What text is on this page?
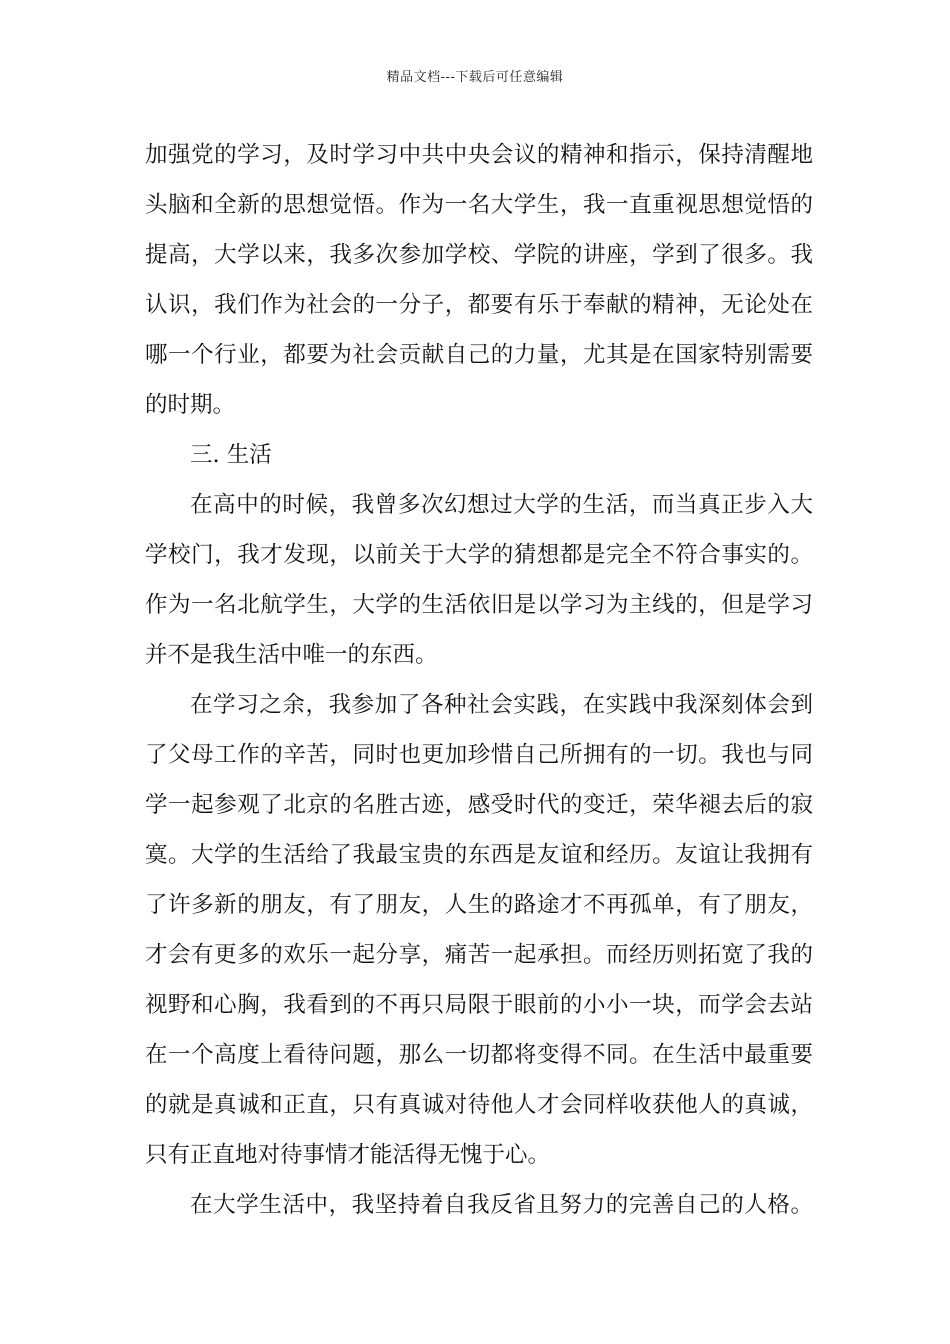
精品文档---下载后可任意编辑
加强党的学习，及时学习中共中央会议的精神和指示，保持清醒地
头脑和全新的思想觉悟。作为一名大学生，我一直重视思想觉悟的
提高，大学以来，我多次参加学校、学院的讲座，学到了很多。我
认识，我们作为社会的一分子，都要有乐于奉献的精神，无论处在
哪一个行业，都要为社会贡献自己的力量，尤其是在国家特别需要
的时期。
三. 生活
在高中的时候，我曾多次幻想过大学的生活，而当真正步入大
学校门，我才发现，以前关于大学的猜想都是完全不符合事实的。
作为一名北航学生，大学的生活依旧是以学习为主线的，但是学习
并不是我生活中唯一的东西。
在学习之余，我参加了各种社会实践，在实践中我深刻体会到
了父母工作的辛苦，同时也更加珍惜自己所拥有的一切。我也与同
学一起参观了北京的名胜古迹，感受时代的变迁，荣华褪去后的寂
寞。大学的生活给了我最宝贵的东西是友谊和经历。友谊让我拥有
了许多新的朋友，有了朋友，人生的路途才不再孤单，有了朋友，
才会有更多的欢乐一起分享，痛苦一起承担。而经历则拓宽了我的
视野和心胸，我看到的不再只局限于眼前的小小一块，而学会去站
在一个高度上看待问题，那么一切都将变得不同。在生活中最重要
的就是真诚和正直，只有真诚对待他人才会同样收获他人的真诚，
只有正直地对待事情才能活得无愧于心。
在大学生活中，我坚持着自我反省且努力的完善自己的人格。
